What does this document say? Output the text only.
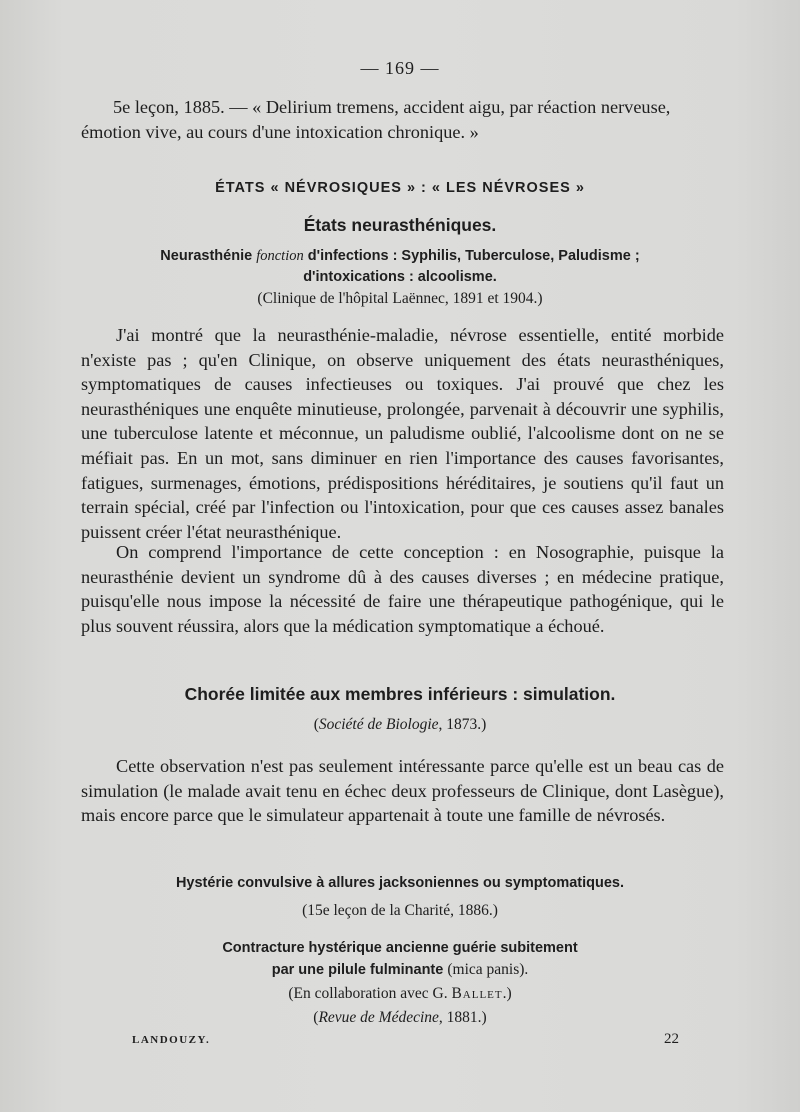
— 169 —
5e leçon, 1885. — « Delirium tremens, accident aigu, par réaction nerveuse,
émotion vive, au cours d'une intoxication chronique. »
ÉTATS « NÉVROSIQUES » : « LES NÉVROSES »
États neurasthéniques.
Neurasthénie fonction d'infections : Syphilis, Tuberculose, Paludisme ;
d'intoxications : alcoolisme.
(Clinique de l'hôpital Laënnec, 1891 et 1904.)

J'ai montré que la neurasthénie-maladie, névrose essentielle, entité morbide n'existe pas ; qu'en Clinique, on observe uniquement des états neurasthéniques, symptomatiques de causes infectieuses ou toxiques. J'ai prouvé que chez les neurasthéniques une enquête minutieuse, prolongée, parvenait à découvrir une syphilis, une tuberculose latente et méconnue, un paludisme oublié, l'alcoolisme dont on ne se méfiait pas. En un mot, sans diminuer en rien l'importance des causes favorisantes, fatigues, surmenages, émotions, prédispositions héréditaires, je soutiens qu'il faut un terrain spécial, créé par l'infection ou l'intoxication, pour que ces causes assez banales puissent créer l'état neurasthénique.

On comprend l'importance de cette conception : en Nosographie, puisque la neurasthénie devient un syndrome dû à des causes diverses ; en médecine pratique, puisqu'elle nous impose la nécessité de faire une thérapeutique pathogénique, qui le plus souvent réussira, alors que la médication symptomatique a échoué.

Chorée limitée aux membres inférieurs : simulation.
(Société de Biologie, 1873.)

Cette observation n'est pas seulement intéressante parce qu'elle est un beau cas de simulation (le malade avait tenu en échec deux professeurs de Clinique, dont Lasègue), mais encore parce que le simulateur appartenait à toute une famille de névrosés.

Hystérie convulsive à allures jacksoniennes ou symptomatiques.
(15e leçon de la Charité, 1886.)
Contracture hystérique ancienne guérie subitement
par une pilule fulminante (mica panis).
(En collaboration avec G. Ballet.)
(Revue de Médecine, 1881.)
LANDOUZY.	22
